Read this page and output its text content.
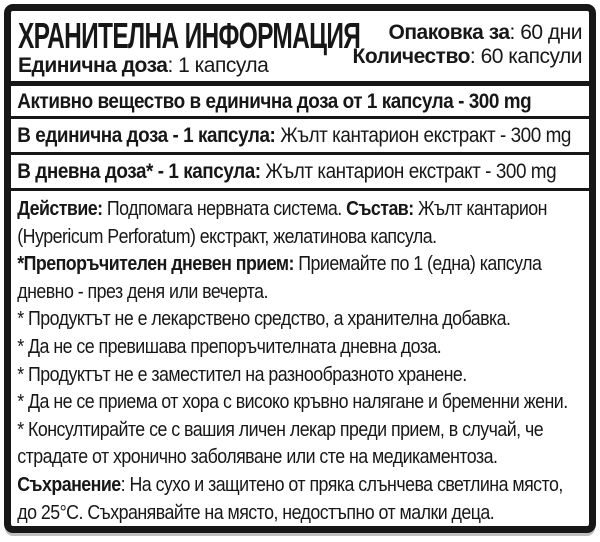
ХРАНИТЕЛНА ИНФОРМАЦИЯ
Единична доза: 1 капсула
Опаковка за: 60 дни
Количество: 60 капсули
Активно вещество в единична доза от 1 капсула - 300 mg
В единична доза - 1 капсула: Жълт кантарион екстракт - 300 mg
В дневна доза* - 1 капсула: Жълт кантарион екстракт - 300 mg

Действие: Подпомага нервната система. Състав: Жълт кантарион (Hypericum Perforatum) екстракт, желатинова капсула.

*Препоръчителен дневен прием: Приемайте по 1 (една) капсула дневно - през деня или вечерта.

* Продуктът не е лекарствено средство, а хранителна добавка.

* Да не се превишава препоръчителната дневна доза.

* Продуктът не е заместител на разнообразното хранене.

* Да не се приема от хора с високо кръвно налягане и бременни жени.

* Консултирайте се с вашия личен лекар преди прием, в случай, че страдате от хронично заболяване или сте на медикаментоза.

Съхранение: На сухо и защитено от пряка слънчева светлина място, до 25°C. Съхранявайте на място, недостъпно от малки деца.
